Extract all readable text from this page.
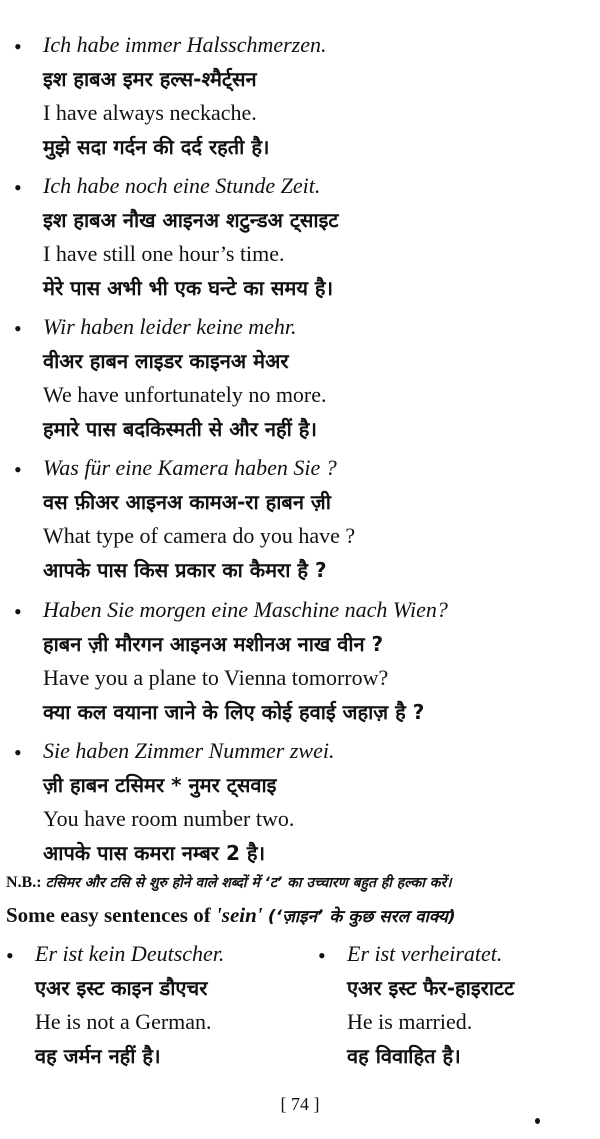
• Ich habe immer Halsschmerzen.
इश हाबअ इमर हल्स-श्मैर्ट्सन
I have always neckache.
मुझे सदा गर्दन की दर्द रहती है।
• Ich habe noch eine Stunde Zeit.
इश हाबअ नौख आइनअ शटुन्डअ ट्साइट
I have still one hour’s time.
मेरे पास अभी भी एक घन्टे का समय है।
• Wir haben leider keine mehr.
वीअर हाबन लाइडर काइनअ मेअर
We have unfortunately no more.
हमारे पास बदकिस्मती से और नहीं है।
• Was für eine Kamera haben Sie ?
वस फ़ीअर आइनअ कामअ-रा हाबन ज़ी
What type of camera do you have ?
आपके पास किस प्रकार का कैमरा है ?
• Haben Sie morgen eine Maschine nach Wien?
हाबन ज़ी मौरगन आइनअ मशीनअ नाख वीन ?
Have you a plane to Vienna tomorrow?
क्या कल वयाना जाने के लिए कोई हवाई जहाज़ है ?
• Sie haben Zimmer Nummer zwei.
ज़ी हाबन टसिमर * नुमर ट्सवाइ
You have room number two.
आपके पास कमरा नम्बर 2 है।
N.B.: टसिमर और टसि से शुरु होने वाले शब्दों में ‘ट’ का उच्चारण बहुत ही हल्का करें।
Some easy sentences of 'sein' (‘ज़ाइन’ के कुछ सरल वाक्य)
• Er ist kein Deutscher.
एअर इस्ट काइन डौएचर
He is not a German.
वह जर्मन नहीं है।
• Er ist verheiratet.
एअर इस्ट फैर-हाइराटट
He is married.
वह विवाहित है।
[ 74 ]
